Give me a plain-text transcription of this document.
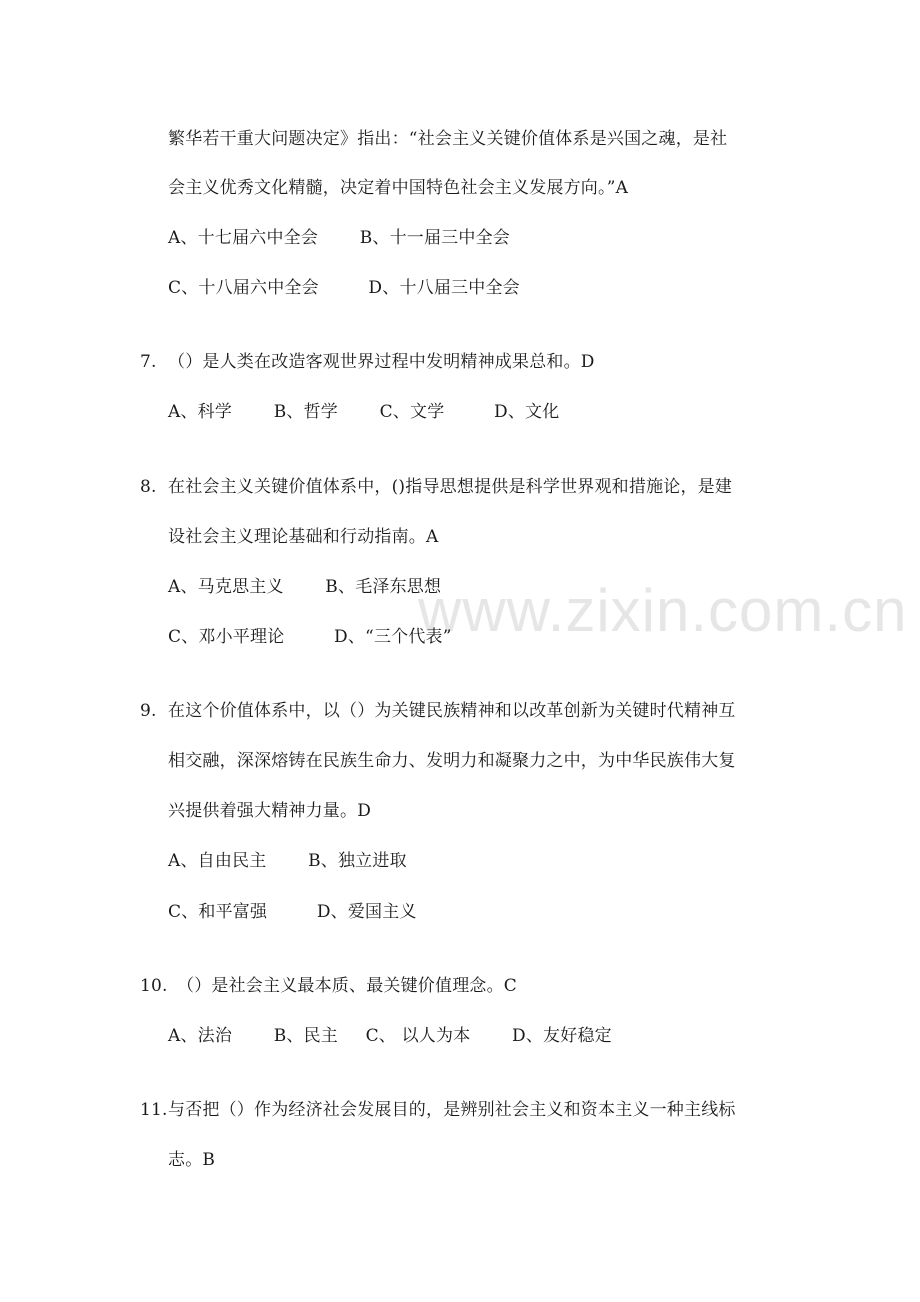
www.zixin.com.cn
繁华若干重大问题决定》指出：“社会主义关键价值体系是兴国之魂，是社
会主义优秀文化精髓，决定着中国特色社会主义发展方向。”A
A、十七届六中全会 B、十一届三中全会
C、十八届六中全会	D、十八届三中全会
7. （）是人类在改造客观世界过程中发明精神成果总和。D
A、科学 B、哲学 C、文学	D、文化
8. 在社会主义关键价值体系中，()指导思想提供是科学世界观和措施论，是建
设社会主义理论基础和行动指南。A
A、马克思主义 B、毛泽东思想
C、邓小平理论	D、“三个代表”
9. 在这个价值体系中，以（）为关键民族精神和以改革创新为关键时代精神互
相交融，深深熔铸在民族生命力、发明力和凝聚力之中，为中华民族伟大复
兴提供着强大精神力量。D
A、自由民主 B、独立进取
C、和平富强	D、爱国主义
10. （）是社会主义最本质、最关键价值理念。C
A、法治 B、民主 C、 以人为本 D、友好稳定
11. 与否把（）作为经济社会发展目的，是辨别社会主义和资本主义一种主线标
志。B
